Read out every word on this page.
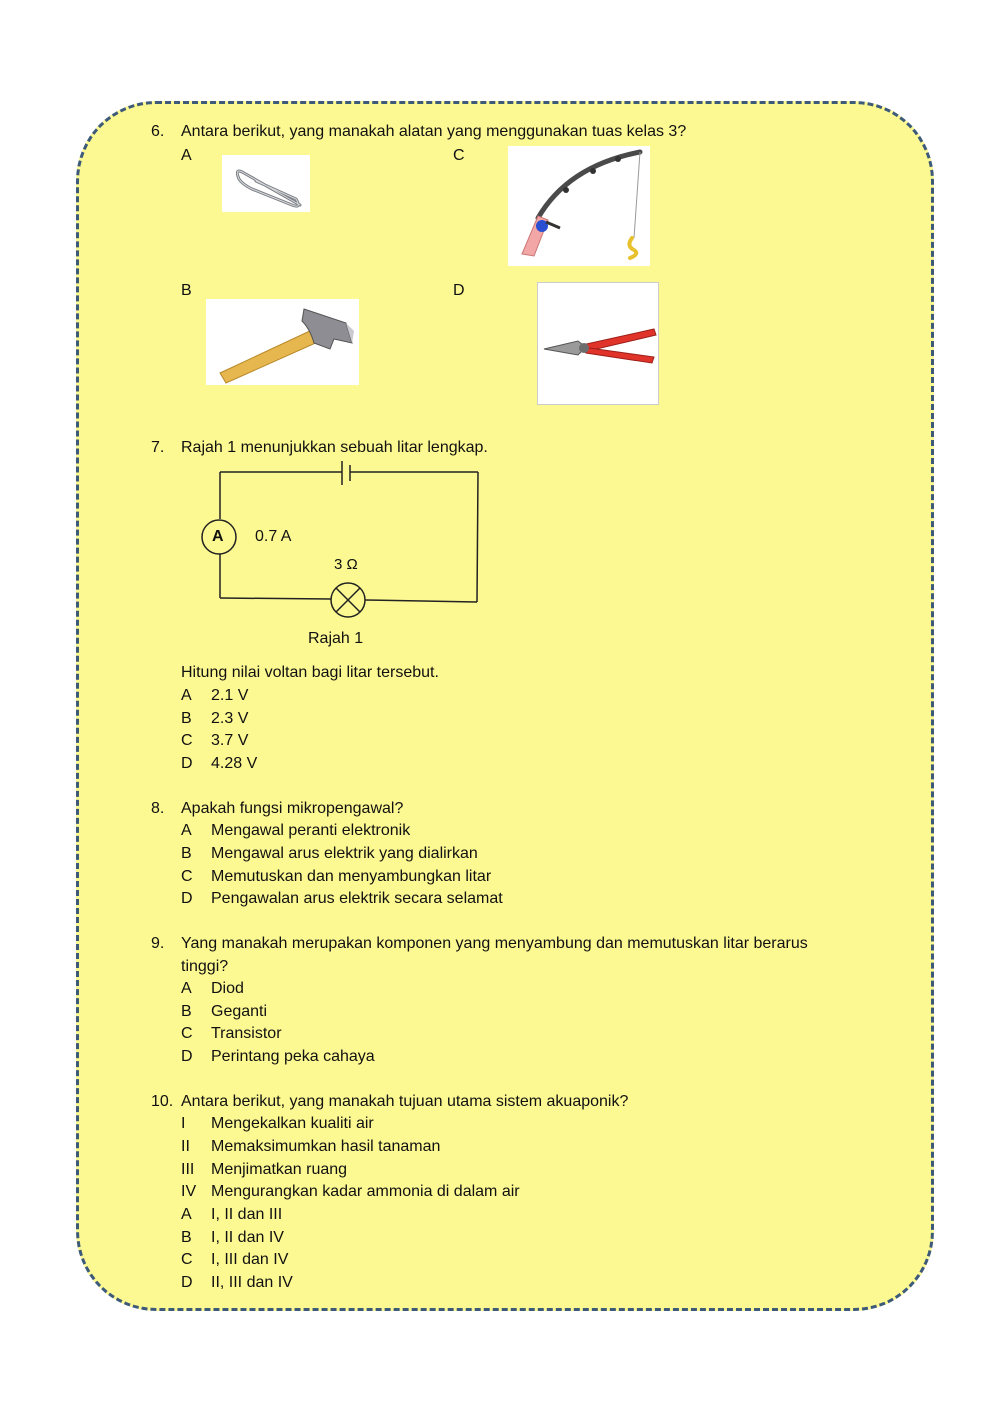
6. Antara berikut, yang manakah alatan yang menggunakan tuas kelas 3?
A	C
B	D
7. Rajah 1 menunjukkan sebuah litar lengkap.
A 0.7 A
3 Ω
Rajah 1
Hitung nilai voltan bagi litar tersebut.
A 2.1 V
B 2.3 V
C 3.7 V
D 4.28 V
8. Apakah fungsi mikropengawal?
A Mengawal peranti elektronik
B Mengawal arus elektrik yang dialirkan
C Memutuskan dan menyambungkan litar
D Pengawalan arus elektrik secara selamat
9. Yang manakah merupakan komponen yang menyambung dan memutuskan litar berarus
tinggi?
A Diod
B Geganti
C Transistor
D Perintang peka cahaya
10. Antara berikut, yang manakah tujuan utama sistem akuaponik?
I Mengekalkan kualiti air
II Memaksimumkan hasil tanaman
III Menjimatkan ruang
IV Mengurangkan kadar ammonia di dalam air
A I, II dan III
B I, II dan IV
C I, III dan IV
D II, III dan IV
